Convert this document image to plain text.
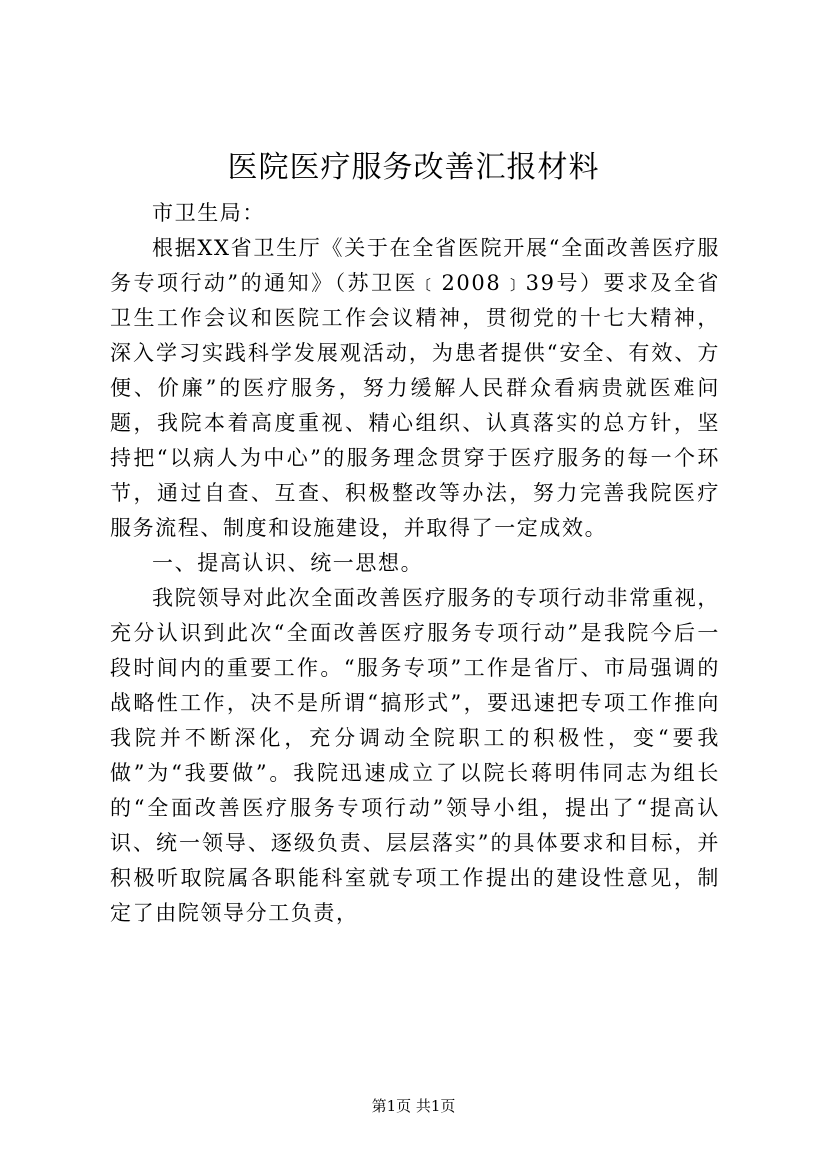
医院医疗服务改善汇报材料

市卫生局：

根据XX省卫生厅《关于在全省医院开展“全面改善医疗服务专项行动”的通知》（苏卫医﹝2008﹞39号）要求及全省卫生工作会议和医院工作会议精神，贯彻党的十七大精神，深入学习实践科学发展观活动，为患者提供“安全、有效、方便、价廉”的医疗服务，努力缓解人民群众看病贵就医难问题，我院本着高度重视、精心组织、认真落实的总方针，坚持把“以病人为中心”的服务理念贯穿于医疗服务的每一个环节，通过自查、互查、积极整改等办法，努力完善我院医疗服务流程、制度和设施建设，并取得了一定成效。

一、提高认识、统一思想。

我院领导对此次全面改善医疗服务的专项行动非常重视，充分认识到此次“全面改善医疗服务专项行动”是我院今后一段时间内的重要工作。“服务专项”工作是省厅、市局强调的战略性工作，决不是所谓“搞形式”，要迅速把专项工作推向我院并不断深化，充分调动全院职工的积极性，变“要我做”为“我要做”。我院迅速成立了以院长蒋明伟同志为组长的“全面改善医疗服务专项行动”领导小组，提出了“提高认识、统一领导、逐级负责、层层落实”的具体要求和目标，并积极听取院属各职能科室就专项工作提出的建设性意见，制定了由院领导分工负责，

第1页 共1页
